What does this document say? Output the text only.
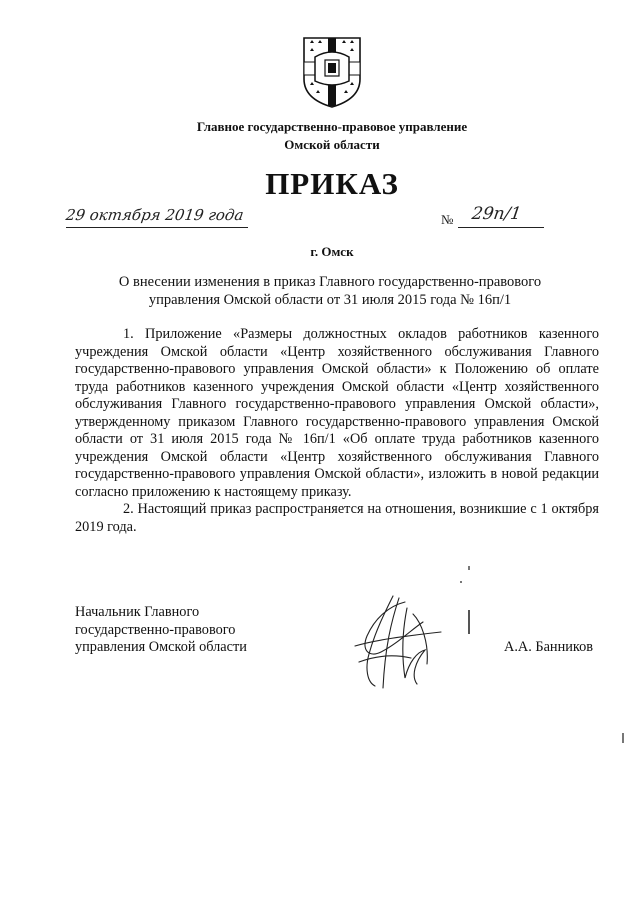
Главное государственно-правовое управление
Омской области
ПРИКАЗ
29 октября 2019 года	№ 29п/1
г. Омск
О внесении изменения в приказ Главного государственно-правового
управления Омской области от 31 июля 2015 года № 16п/1

1. Приложение «Размеры должностных окладов работников казенного учреждения Омской области «Центр хозяйственного обслуживания Главного государственно-правового управления Омской области» к Положению об оплате труда работников казенного учреждения Омской области «Центр хозяйственного обслуживания Главного государственно-правового управления Омской области», утвержденному приказом Главного государственно-правового управления Омской области от 31 июля 2015 года № 16п/1 «Об оплате труда работников казенного учреждения Омской области «Центр хозяйственного обслуживания Главного государственно-правового управления Омской области», изложить в новой редакции согласно приложению к настоящему приказу.

2. Настоящий приказ распространяется на отношения, возникшие с 1 октября 2019 года.

Начальник Главного
государственно-правового
управления Омской области	А.А. Банников
